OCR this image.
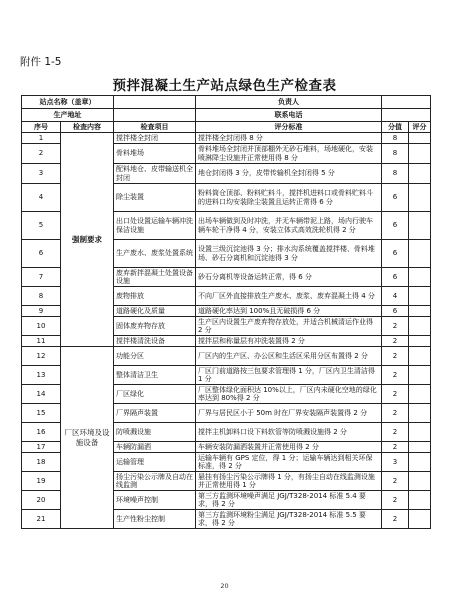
附件 1-5
预拌混凝土生产站点绿色生产检查表
站点名称（盖章）			负责人		
生产地址			联系电话		
序号	检查内容	检查项目	评分标准	分值	评分
1	强制要求	搅拌楼全封闭	搅拌楼全封闭得 8 分	8	
2		骨料堆场	骨料堆场全封闭并顶部棚外无砂石堆料，场地硬化，安装喷淋降尘设施并正常使用得 8 分	8	
3		配料地仓、皮带输送机全封闭	地仓封闭得 3 分，皮带传输机全封闭得 5 分	8	
4		除尘装置	粉料筒仓顶部、粉料贮料斗，搅拌机进料口或骨料贮料斗的进料口均安装除尘装置且运转正常得 6 分	6	
5		出口处设置运输车辆冲洗保洁设施	出场车辆做到及时冲洗，并无车辆带泥上路，场内行驶车辆车轮干净得 4 分，安装立体式高效洗轮机得 2 分	6	
6		生产废水、废浆处置系统	设置三级沉淀池得 3 分；排水沟系统覆盖搅拌楼、骨料堆场、砂石分离机和沉淀池得 3 分	6	
7		废弃新拌混凝土处置设备设施	砂石分离机等设备运转正常，得 6 分	6	
8		废物排放	不向厂区外直接排放生产废水、废浆、废弃混凝土得 4 分	4	
9		道路硬化及质量	道路硬化率达到 100%且无破损得 6 分	6	
10		固体废弃物存放	生产区内设置生产废弃物存放处，并适合机械清运作业得 2 分	2	
11		搅拌楼清洗设备	搅拌层和称量层有冲洗装置得 2 分	2	
12	厂区环境及设施设备	功能分区	厂区内的生产区、办公区和生活区采用分区布置得 2 分	2	
13		整体清洁卫生	厂区门前道路按三包要求管理得 1 分，厂区内卫生清洁得 1 分	2	
14		厂区绿化	厂区整体绿化面积达 10%以上，厂区内未硬化空地的绿化率达到 80%得 2 分	2	
15		厂界隔声装置	厂界与居民区小于 50m 时在厂界安装隔声装置得 2 分	2	
16		防喷溅设施	搅拌主机卸料口设下料软管等防喷溅设施得 2 分	2	
17		车辆防漏洒	车辆安装防漏洒装置并正常使用得 2 分	2	
18		运输管理	运输车辆有 GPS 定位，得 1 分；运输车辆达到相关环保标准，得 2 分	3	
19		扬尘污染公示牌及自动在线监测	悬挂有扬尘污染公示牌得 1 分，有扬尘自动在线监测设施并正常使用得 1 分	2	
20		环境噪声控制	第三方监测环境噪声满足 JGJ/T328-2014 标准 5.4 要求，得 2 分	2	
21		生产性粉尘控制	第三方监测环境粉尘满足 JGJ/T328-2014 标准 5.5 要求，得 2 分	2	
20
